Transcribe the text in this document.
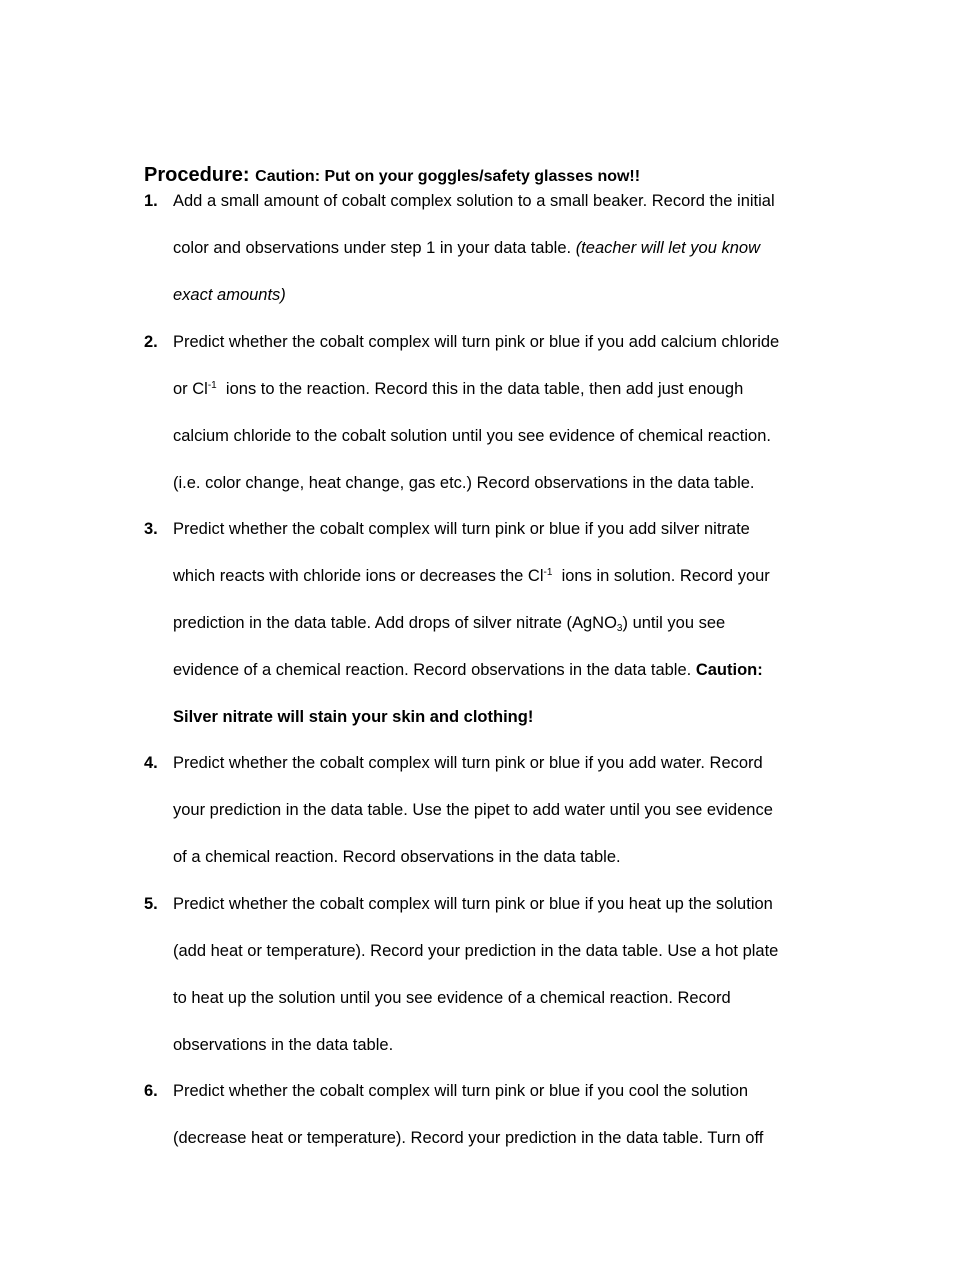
Procedure: Caution: Put on your goggles/safety glasses now!!
1. Add a small amount of cobalt complex solution to a small beaker. Record the initial
color and observations under step 1 in your data table. (teacher will let you know
exact amounts)
2. Predict whether the cobalt complex will turn pink or blue if you add calcium chloride
or $Cl^{-1}$ ions to the reaction. Record this in the data table, then add just enough
calcium chloride to the cobalt solution until you see evidence of chemical reaction.
(i.e. color change, heat change, gas etc.) Record observations in the data table.
3. Predict whether the cobalt complex will turn pink or blue if you add silver nitrate
which reacts with chloride ions or decreases the $Cl^{-1}$ ions in solution. Record your
prediction in the data table. Add drops of silver nitrate (AgNO$_3$) until you see
evidence of a chemical reaction. Record observations in the data table. Caution:
Silver nitrate will stain your skin and clothing!
4. Predict whether the cobalt complex will turn pink or blue if you add water. Record
your prediction in the data table. Use the pipet to add water until you see evidence
of a chemical reaction. Record observations in the data table.
5. Predict whether the cobalt complex will turn pink or blue if you heat up the solution
(add heat or temperature). Record your prediction in the data table. Use a hot plate
to heat up the solution until you see evidence of a chemical reaction. Record
observations in the data table.
6. Predict whether the cobalt complex will turn pink or blue if you cool the solution
(decrease heat or temperature). Record your prediction in the data table. Turn off
